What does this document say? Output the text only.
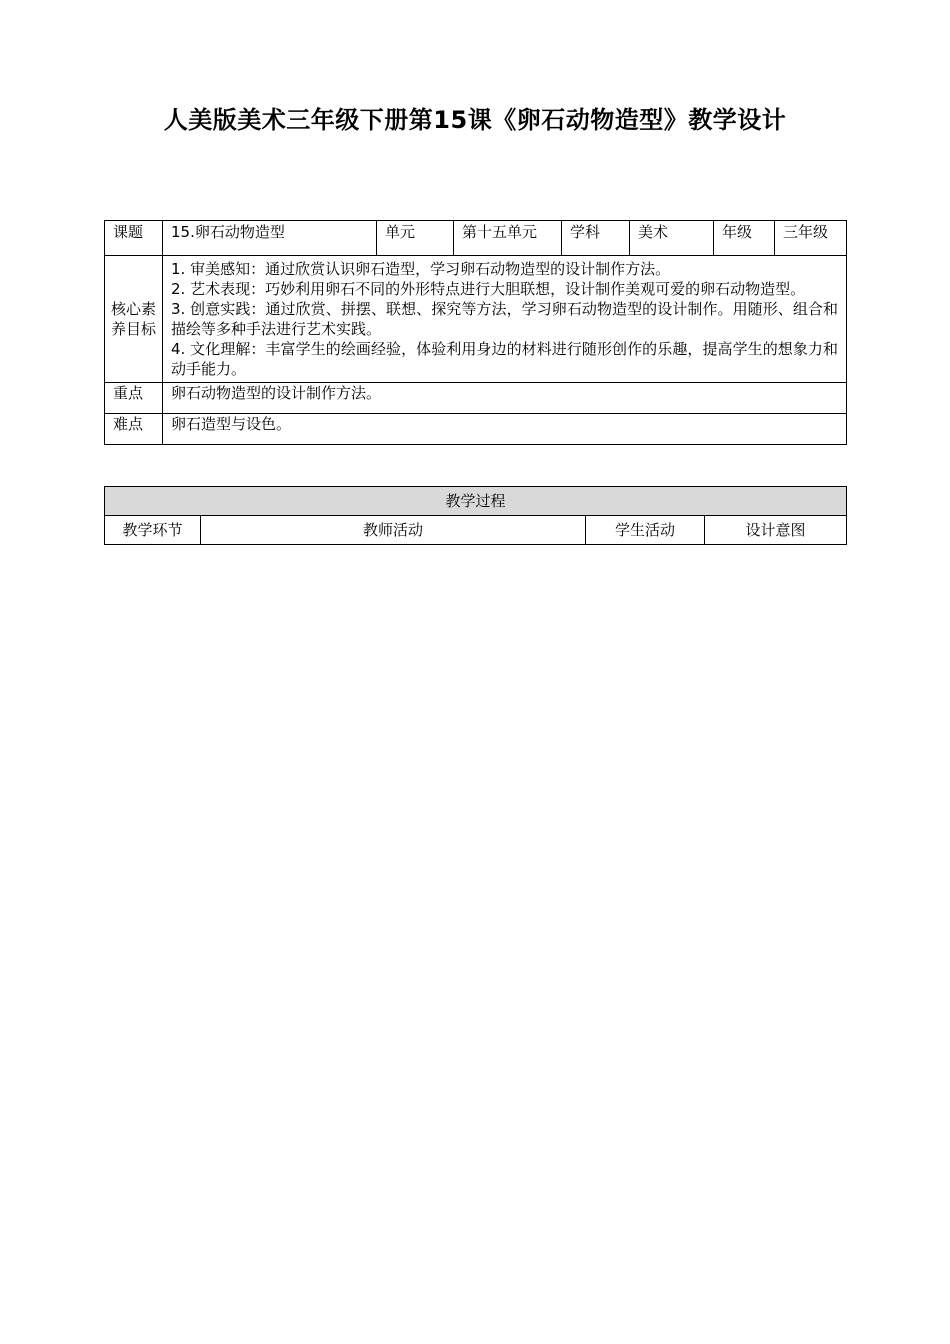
人美版美术三年级下册第15课《卵石动物造型》教学设计
课题	15.卵石动物造型	单元	第十五单元	学科	美术	年级	三年级
核心素养目标	1. 审美感知：通过欣赏认识卵石造型，学习卵石动物造型的设计制作方法。
2. 艺术表现：巧妙利用卵石不同的外形特点进行大胆联想，设计制作美观可爱的卵石动物造型。
3. 创意实践：通过欣赏、拼摆、联想、探究等方法，学习卵石动物造型的设计制作。用随形、组合和描绘等多种手法进行艺术实践。
4. 文化理解：丰富学生的绘画经验，体验利用身边的材料进行随形创作的乐趣，提高学生的想象力和动手能力。						

重点	卵石动物造型的设计制作方法。						
难点	卵石造型与设色。						
教学过程
教学环节	教师活动	学生活动	设计意图
